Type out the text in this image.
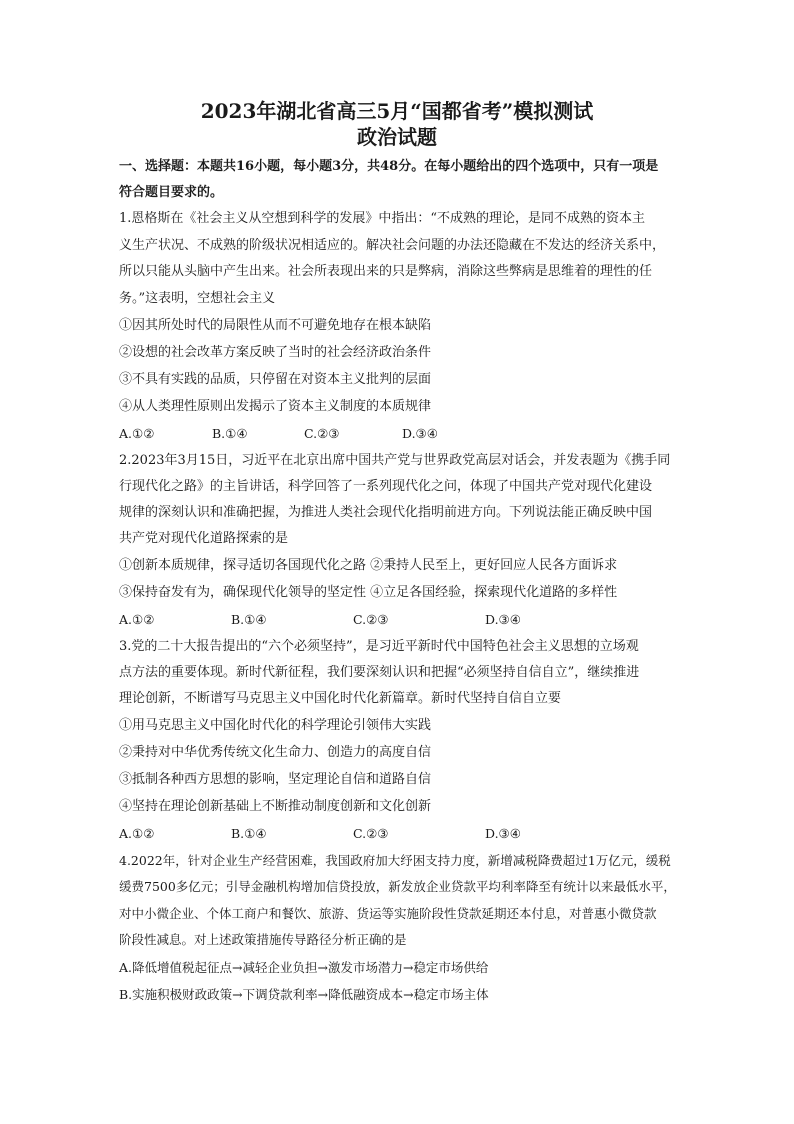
2023年湖北省高三5月“国都省考”模拟测试
政治试题
一、选择题：本题共16小题，每小题3分，共48分。在每小题给出的四个选项中，只有一项是
符合题目要求的。
1.恩格斯在《社会主义从空想到科学的发展》中指出：“不成熟的理论，是同不成熟的资本主
义生产状况、不成熟的阶级状况相适应的。解决社会问题的办法还隐藏在不发达的经济关系中，
所以只能从头脑中产生出来。社会所表现出来的只是弊病，消除这些弊病是思维着的理性的任
务。”这表明，空想社会主义
①因其所处时代的局限性从而不可避免地存在根本缺陷
②设想的社会改革方案反映了当时的社会经济政治条件
③不具有实践的品质，只停留在对资本主义批判的层面
④从人类理性原则出发揭示了资本主义制度的本质规律
A.①②	B.①④	C.②③	D.③④
2.2023年3月15日，习近平在北京出席中国共产党与世界政党高层对话会，并发表题为《携手同
行现代化之路》的主旨讲话，科学回答了一系列现代化之问，体现了中国共产党对现代化建设
规律的深刻认识和准确把握，为推进人类社会现代化指明前进方向。下列说法能正确反映中国
共产党对现代化道路探索的是
①创新本质规律，探寻适切各国现代化之路 ②秉持人民至上，更好回应人民各方面诉求
③保持奋发有为，确保现代化领导的坚定性 ④立足各国经验，探索现代化道路的多样性
A.①②	B.①④	C.②③	D.③④
3.党的二十大报告提出的“六个必须坚持”，是习近平新时代中国特色社会主义思想的立场观
点方法的重要体现。新时代新征程，我们要深刻认识和把握“必须坚持自信自立”，继续推进
理论创新，不断谱写马克思主义中国化时代化新篇章。新时代坚持自信自立要
①用马克思主义中国化时代化的科学理论引领伟大实践
②秉持对中华优秀传统文化生命力、创造力的高度自信
③抵制各种西方思想的影响，坚定理论自信和道路自信
④坚持在理论创新基础上不断推动制度创新和文化创新
A.①②	B.①④	C.②③	D.③④
4.2022年，针对企业生产经营困难，我国政府加大纾困支持力度，新增减税降费超过1万亿元，缓税
缓费7500多亿元；引导金融机构增加信贷投放，新发放企业贷款平均利率降至有统计以来最低水平，
对中小微企业、个体工商户和餐饮、旅游、货运等实施阶段性贷款延期还本付息，对普惠小微贷款
阶段性减息。对上述政策措施传导路径分析正确的是
A.降低增值税起征点→减轻企业负担→激发市场潜力→稳定市场供给
B.实施积极财政政策→下调贷款利率→降低融资成本→稳定市场主体
